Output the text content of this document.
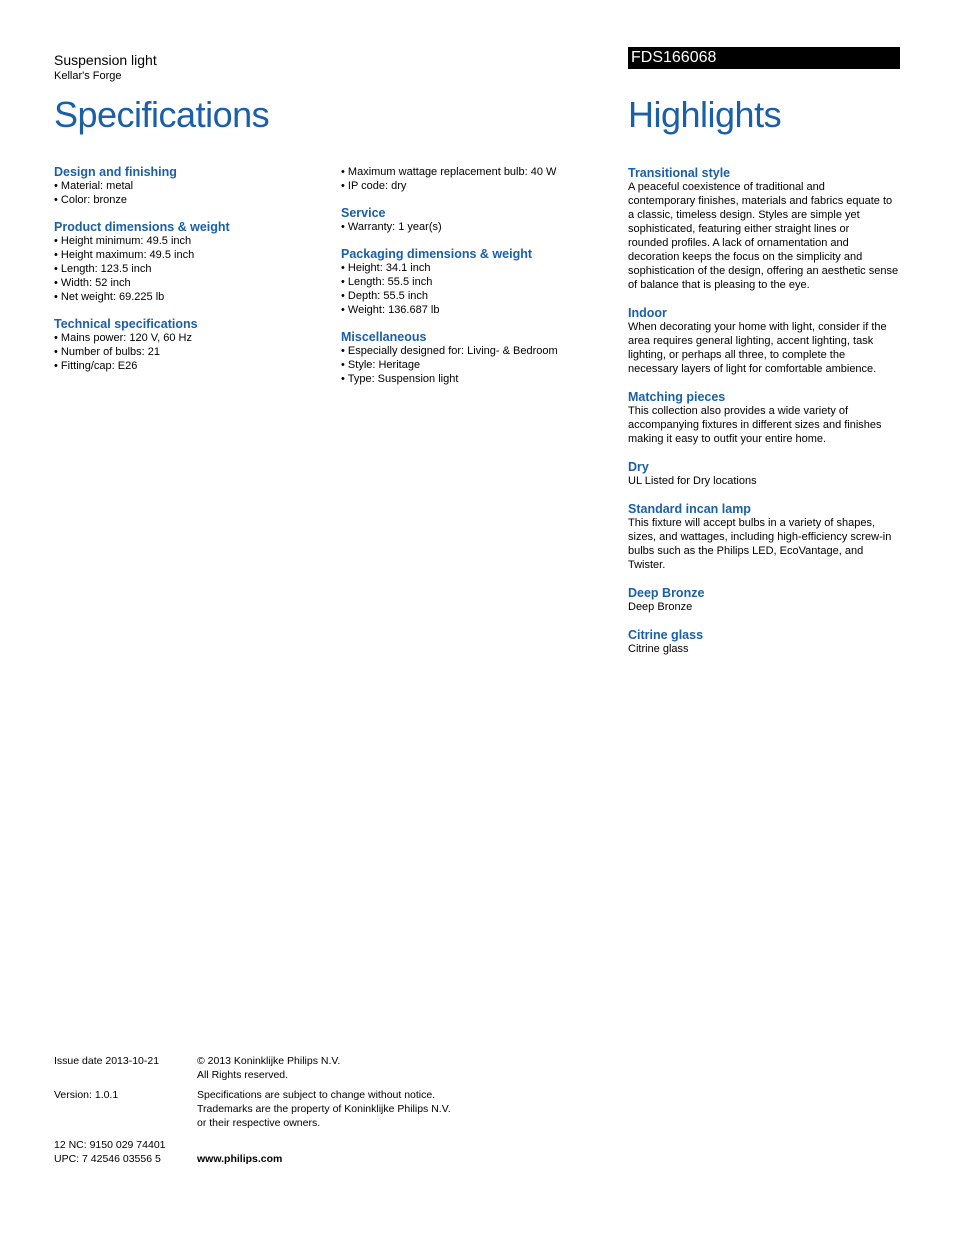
Suspension light
Kellar's Forge
FDS166068
Specifications	Highlights
Design and finishing
• Material: metal
• Color: bronze
Product dimensions & weight
• Height minimum: 49.5 inch
• Height maximum: 49.5 inch
• Length: 123.5 inch
• Width: 52 inch
• Net weight: 69.225 lb
Technical specifications
• Mains power: 120 V, 60 Hz
• Number of bulbs: 21
• Fitting/cap: E26
• Maximum wattage replacement bulb: 40 W
• IP code: dry
Service
• Warranty: 1 year(s)
Packaging dimensions & weight
• Height: 34.1 inch
• Length: 55.5 inch
• Depth: 55.5 inch
• Weight: 136.687 lb
Miscellaneous
• Especially designed for: Living- & Bedroom
• Style: Heritage
• Type: Suspension light
Transitional style
A peaceful coexistence of traditional and
contemporary finishes, materials and fabrics equate to
a classic, timeless design. Styles are simple yet
sophisticated, featuring either straight lines or
rounded profiles. A lack of ornamentation and
decoration keeps the focus on the simplicity and
sophistication of the design, offering an aesthetic sense
of balance that is pleasing to the eye.
Indoor
When decorating your home with light, consider if the
area requires general lighting, accent lighting, task
lighting, or perhaps all three, to complete the
necessary layers of light for comfortable ambience.
Matching pieces
This collection also provides a wide variety of
accompanying fixtures in different sizes and finishes
making it easy to outfit your entire home.
Dry
UL Listed for Dry locations
Standard incan lamp
This fixture will accept bulbs in a variety of shapes,
sizes, and wattages, including high-efficiency screw-in
bulbs such as the Philips LED, EcoVantage, and
Twister.
Deep Bronze
Deep Bronze
Citrine glass
Citrine glass
Issue date 2013-10-21	© 2013 Koninklijke Philips N.V.
All Rights reserved.
Version: 1.0.1	Specifications are subject to change without notice.
Trademarks are the property of Koninklijke Philips N.V.
or their respective owners.
12 NC: 9150 029 74401
UPC: 7 42546 03556 5	www.philips.com
